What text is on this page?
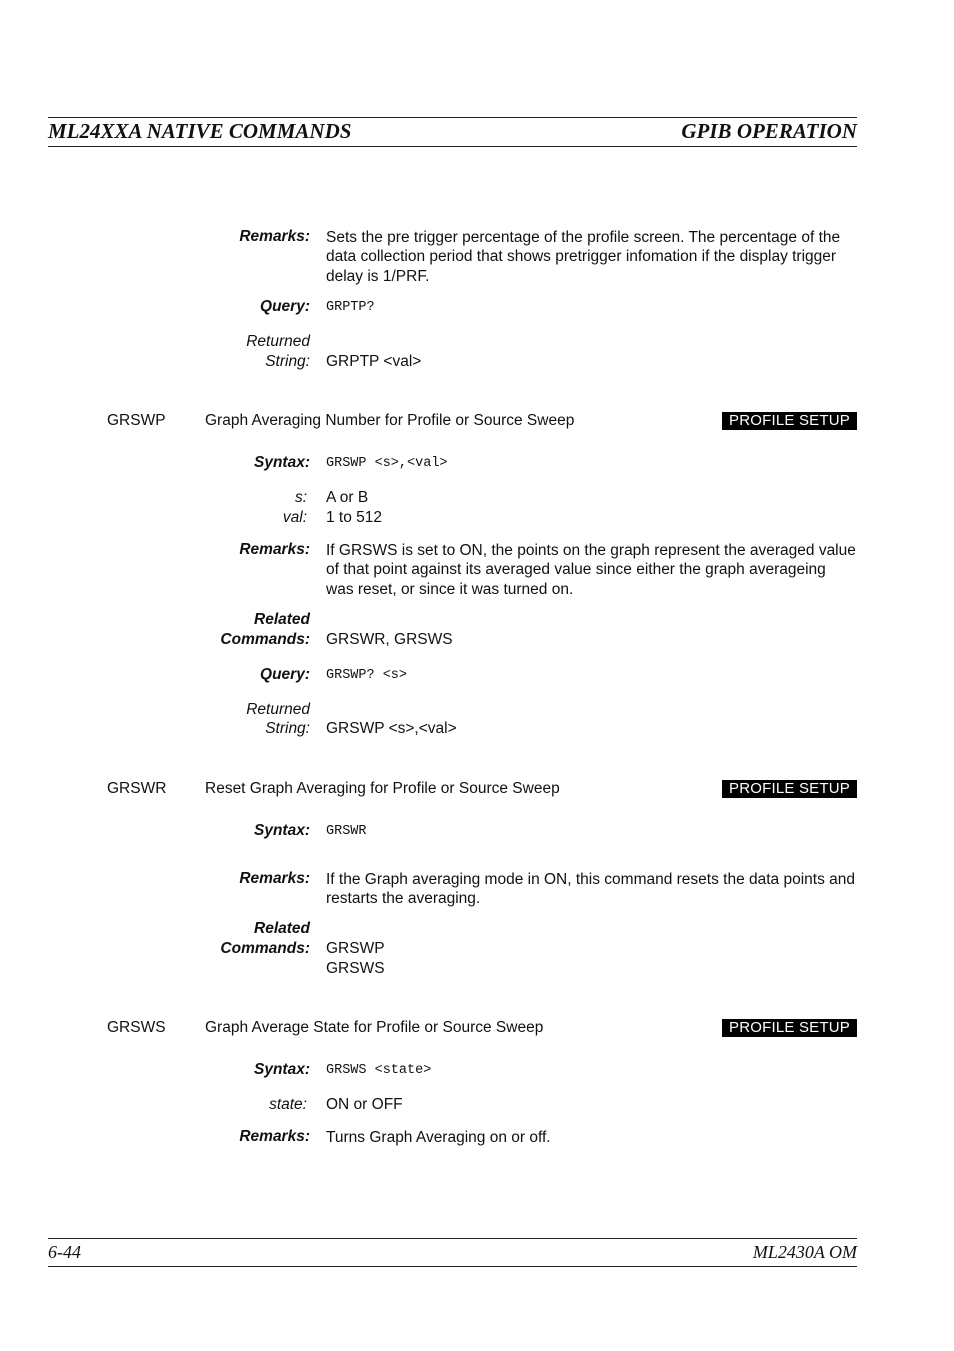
ML24XXA NATIVE COMMANDS	GPIB OPERATION
Remarks: Sets the pre trigger percentage of the profile screen. The percentage of the data collection period that shows pretrigger infomation if the display trigger delay is 1/PRF.
Query: GRPTP?
Returned
String: GRPTP <val>
GRSWP	Graph Averaging Number for Profile or Source Sweep	PROFILE SETUP
Syntax: GRSWP <s>,<val>
s: A or B
val: 1 to 512
Remarks: If GRSWS is set to ON, the points on the graph represent the averaged value of that point against its averaged value since either the graph averageing was reset, or since it was turned on.
Related
Commands: GRSWR, GRSWS
Query: GRSWP? <s>
Returned
String: GRSWP <s>,<val>
GRSWR Reset Graph Averaging for Profile or Source Sweep	PROFILE SETUP
Syntax: GRSWR
Remarks: If the Graph averaging mode in ON, this command resets the data points and restarts the averaging.
Related
Commands: GRSWP
GRSWS
GRSWS	Graph Average State for Profile or Source Sweep	PROFILE SETUP
Syntax: GRSWS <state>
state: ON or OFF
Remarks: Turns Graph Averaging on or off.
6-44	ML2430A OM
